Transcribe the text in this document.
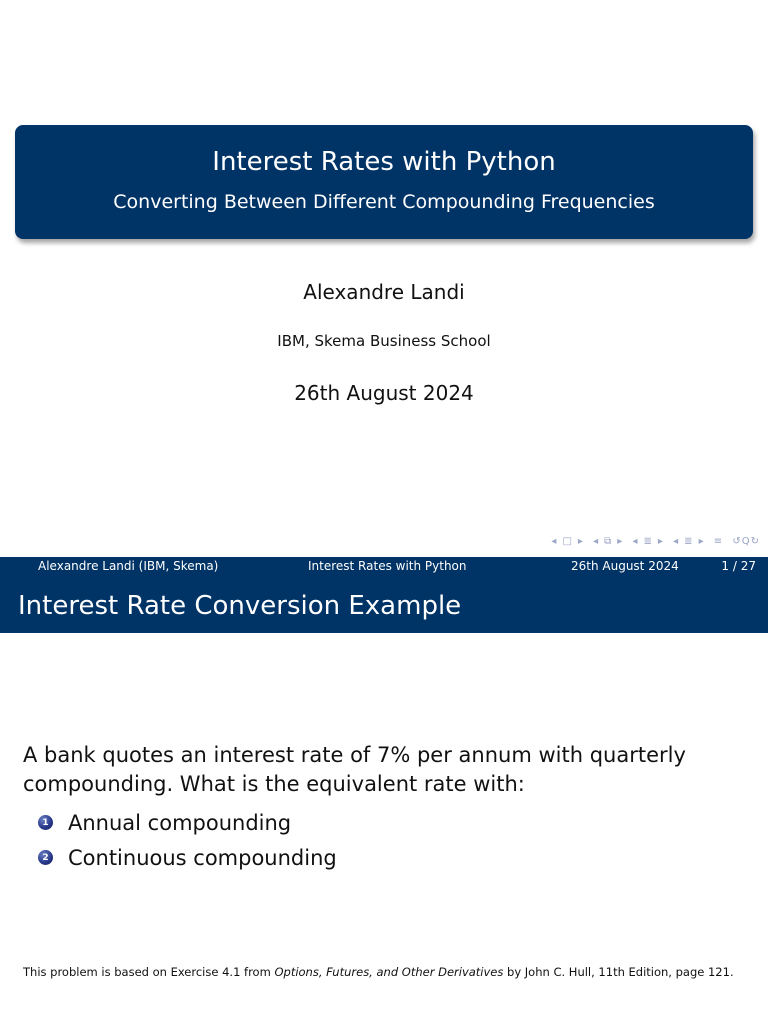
Interest Rates with Python
Converting Between Different Compounding Frequencies
Alexandre Landi
IBM, Skema Business School
26th August 2024
◂ □ ▸ ◂ ⧉ ▸ ◂ ≣ ▸ ◂ ≣ ▸ ≡ ↺Q↻
Alexandre Landi (IBM, Skema)	Interest Rates with Python	26th August 2024	1 / 27
Interest Rate Conversion Example
A bank quotes an interest rate of 7% per annum with quarterly compounding. What is the equivalent rate with:
1 Annual compounding
2 Continuous compounding
This problem is based on Exercise 4.1 from Options, Futures, and Other Derivatives by John C. Hull, 11th Edition, page 121.
